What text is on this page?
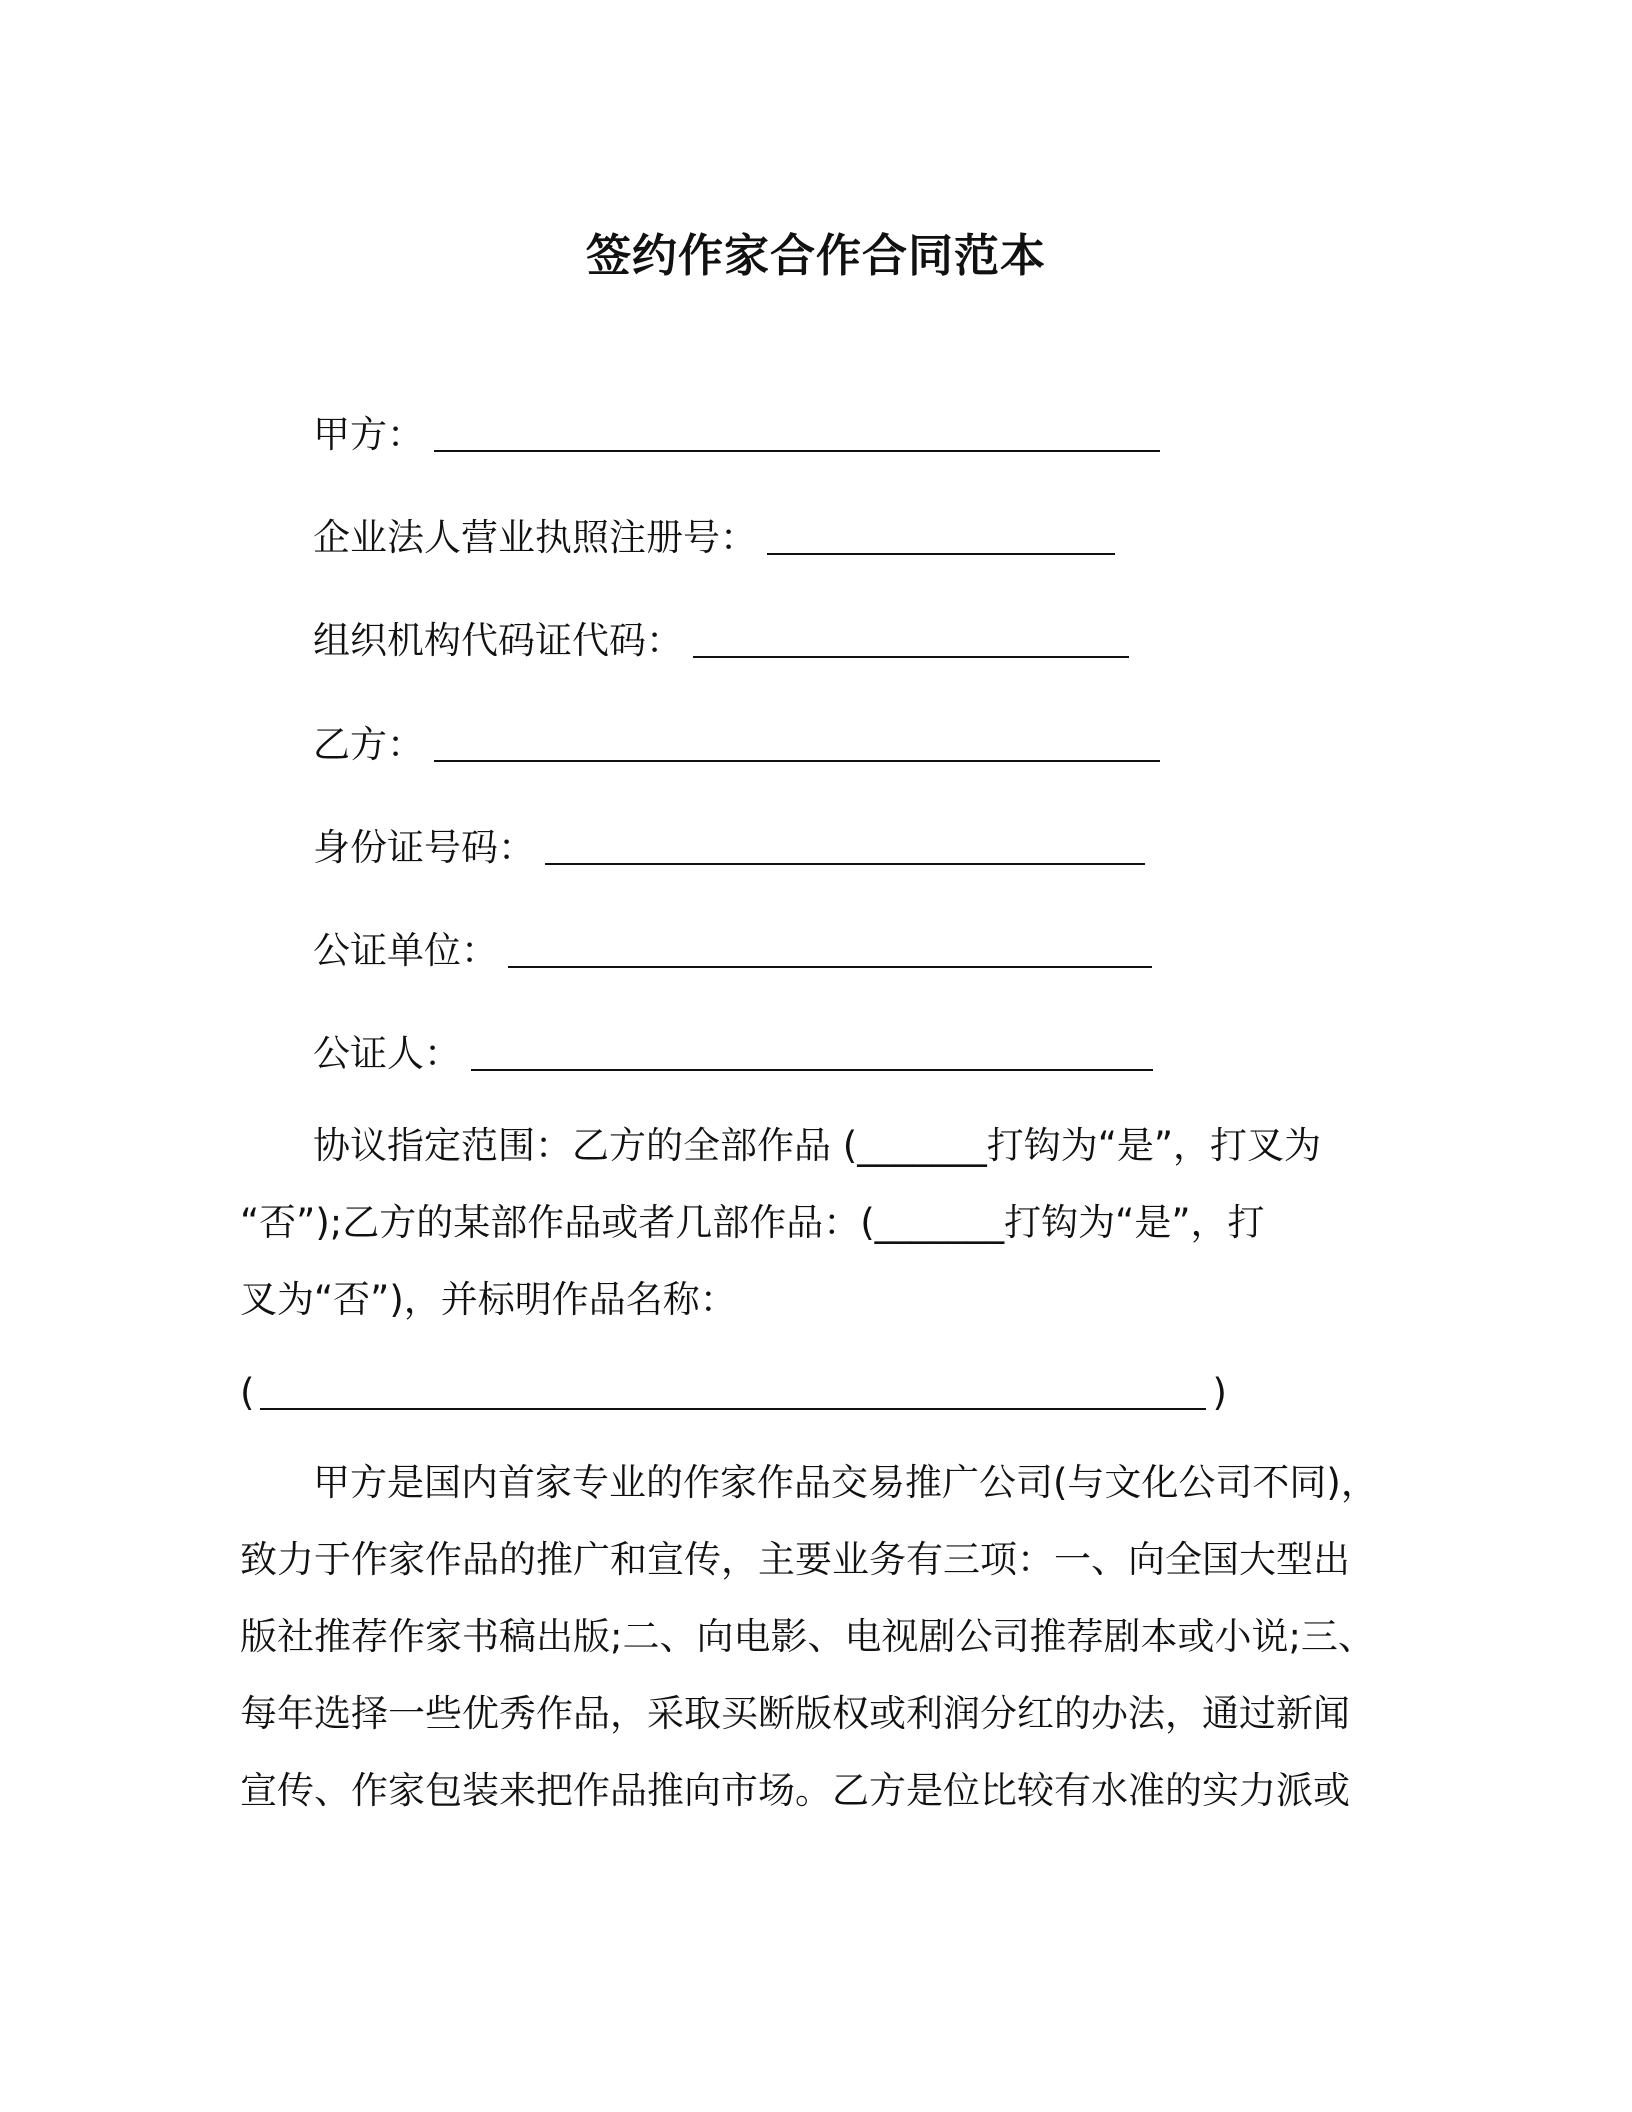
签约作家合作合同范本
甲方：
企业法人营业执照注册号：
组织机构代码证代码：
乙方：
身份证号码：
公证单位：
公证人：
协议指定范围：乙方的全部作品 (_______打钩为“是”，打叉为
“否”);乙方的某部作品或者几部作品：(_______打钩为“是”，打
叉为“否”)，并标明作品名称：
(	)
甲方是国内首家专业的作家作品交易推广公司(与文化公司不同)，
致力于作家作品的推广和宣传，主要业务有三项：一、向全国大型出
版社推荐作家书稿出版;二、向电影、电视剧公司推荐剧本或小说;三、
每年选择一些优秀作品，采取买断版权或利润分红的办法，通过新闻
宣传、作家包装来把作品推向市场。乙方是位比较有水准的实力派或
